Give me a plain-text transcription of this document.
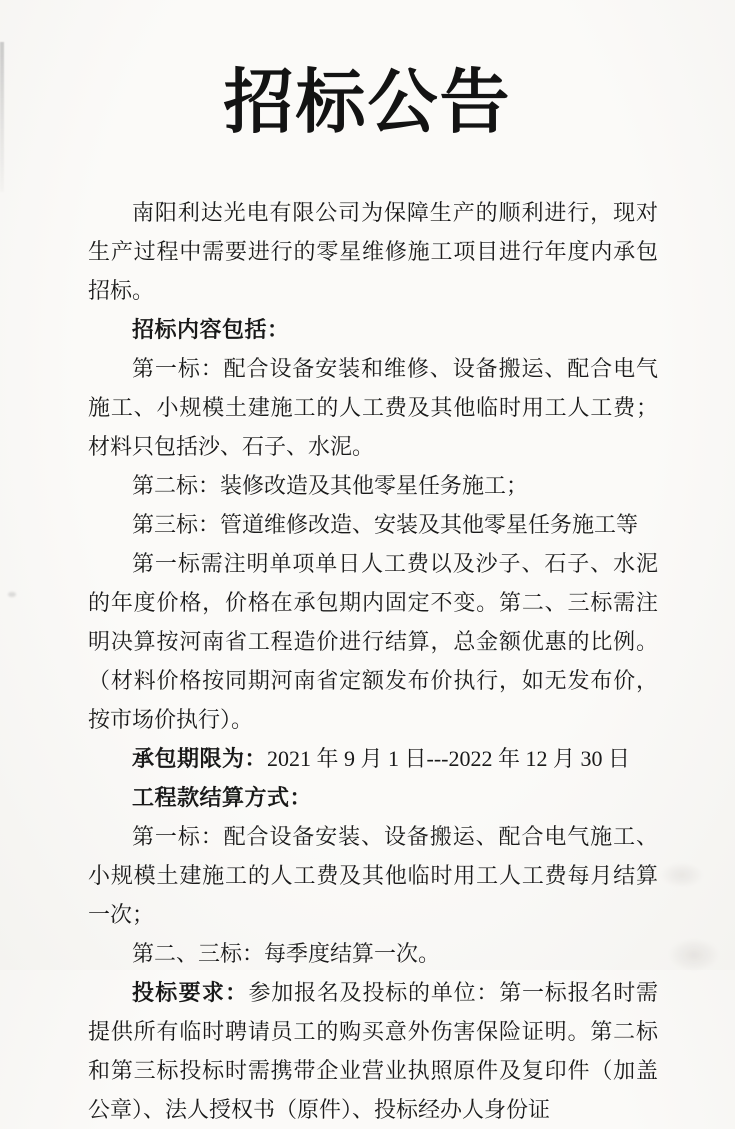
招标公告

南阳利达光电有限公司为保障生产的顺利进行，现对生产过程中需要进行的零星维修施工项目进行年度内承包招标。

招标内容包括：

第一标：配合设备安装和维修、设备搬运、配合电气施工、小规模土建施工的人工费及其他临时用工人工费；材料只包括沙、石子、水泥。

第二标：装修改造及其他零星任务施工；

第三标：管道维修改造、安装及其他零星任务施工等

第一标需注明单项单日人工费以及沙子、石子、水泥的年度价格，价格在承包期内固定不变。第二、三标需注明决算按河南省工程造价进行结算，总金额优惠的比例。（材料价格按同期河南省定额发布价执行，如无发布价，按市场价执行）。

承包期限为：2021 年 9 月 1 日---2022 年 12 月 30 日

工程款结算方式：

第一标：配合设备安装、设备搬运、配合电气施工、小规模土建施工的人工费及其他临时用工人工费每月结算一次；

第二、三标：每季度结算一次。

投标要求：参加报名及投标的单位：第一标报名时需提供所有临时聘请员工的购买意外伤害保险证明。第二标和第三标投标时需携带企业营业执照原件及复印件（加盖公章）、法人授权书（原件）、投标经办人身份证
